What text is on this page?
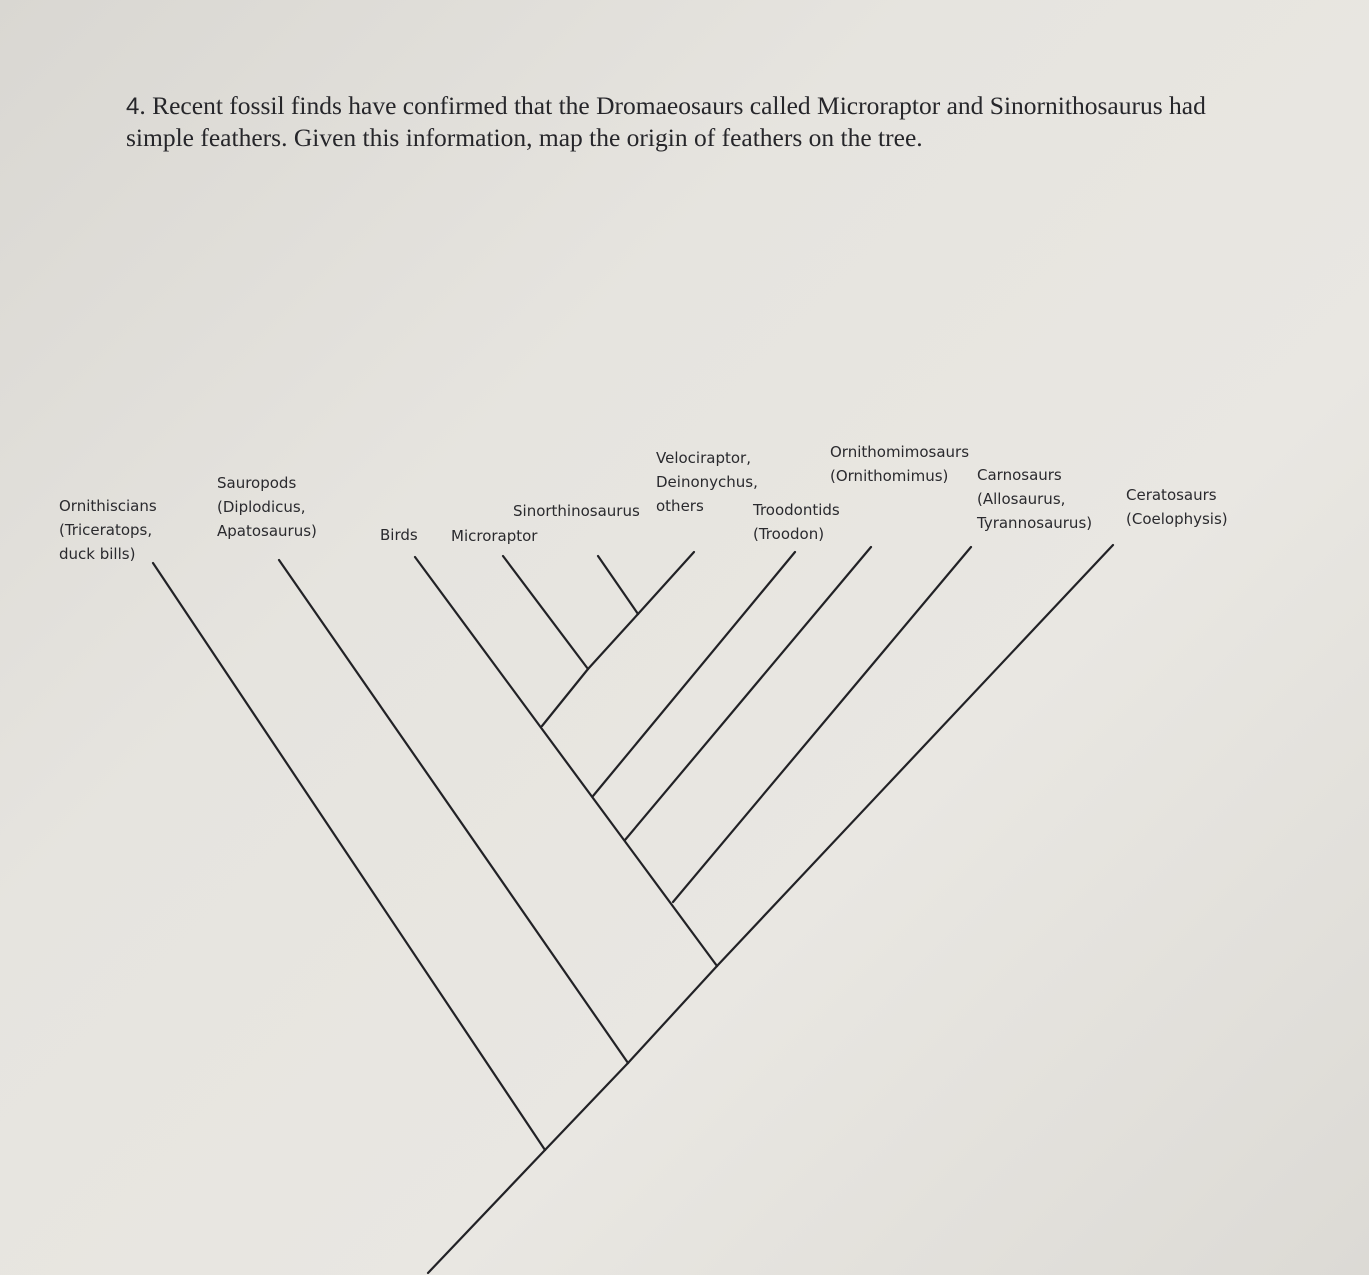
4. Recent fossil finds have confirmed that the Dromaeosaurs called Microraptor and Sinornithosaurus had simple feathers. Given this information, map the origin of feathers on the tree.

Ornithiscians
(Triceratops,
duck bills)
Sauropods
(Diplodicus,
Apatosaurus)	Birds Microraptor
Sinorthinosaurus
Velociraptor,
Deinonychus,
others	Troodontids
(Troodon)
Ornithomimosaurs
(Ornithomimus)	Carnosaurs
(Allosaurus,
Tyrannosaurus)
Ceratosaurs
(Coelophysis)
